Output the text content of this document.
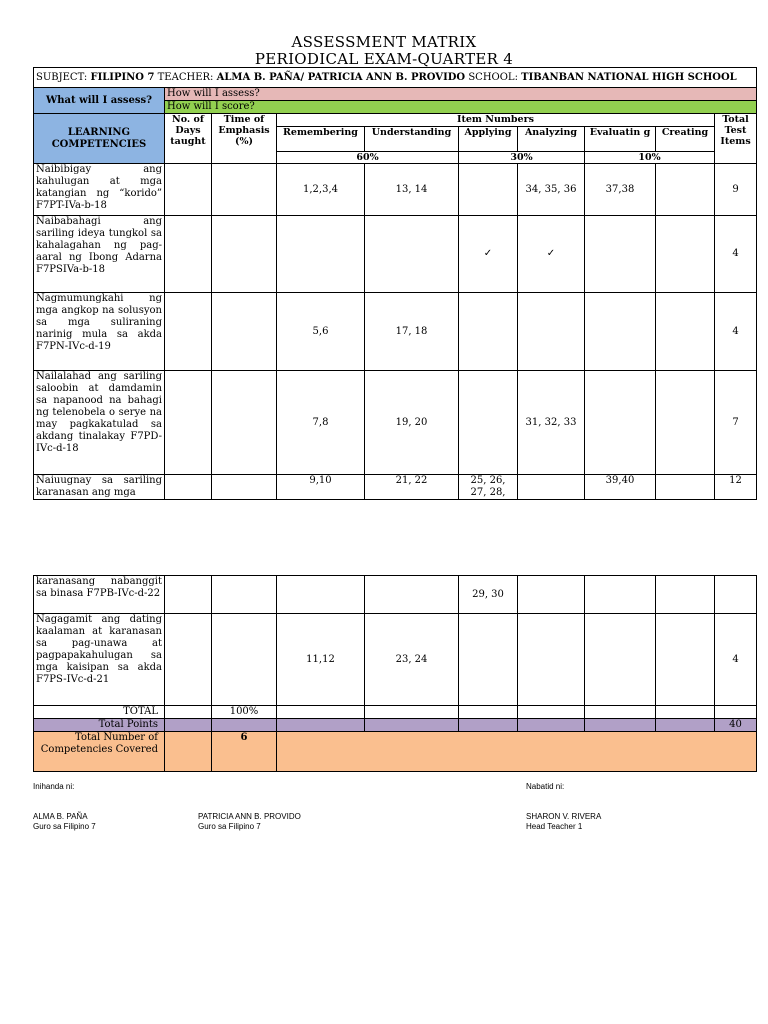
ASSESSMENT MATRIX
PERIODICAL EXAM-QUARTER 4
SUBJECT: FILIPINO 7 TEACHER: ALMA B. PAÑA/ PATRICIA ANN B. PROVIDO SCHOOL: TIBANBAN NATIONAL HIGH SCHOOL									
What will I assess?	How will I assess?								
	How will I score?								
LEARNING COMPETENCIES	No. of Days taught	Time of Emphasis (%)	Item Numbers						Total Test Items
			Remembering	Understanding	Applying	Analyzing	Evaluatin g	Creating	
			60%		30%		10%		
Naibibigay ang kahulugan at mga katangian ng “korido” F7PT-IVa-b-18			1,2,3,4	13, 14		34, 35, 36	37,38		9
Naibabahagi ang sariling ideya tungkol sa kahalagahan ng pag-aaral ng Ibong Adarna F7PSIVa-b-18					✓	✓			4
Nagmumungkahi ng mga angkop na solusyon sa mga suliraning narinig mula sa akda F7PN-IVc-d-19			5,6	17, 18					4
Nailalahad ang sariling saloobin at damdamin sa napanood na bahagi ng telenobela o serye na may pagkakatulad sa akdang tinalakay F7PD-IVc-d-18			7,8	19, 20		31, 32, 33			7
Naiuugnay sa sariling karanasan ang mga			9,10	21, 22	25, 26, 27, 28,		39,40		12
karanasang nabanggit sa binasa F7PB-IVc-d-22					29, 30				
Nagagamit ang dating kaalaman at karanasan sa pag-unawa at pagpapakahulugan sa mga kaisipan sa akda F7PS-IVc-d-21			11,12	23, 24					4
TOTAL		100%							
Total Points									40
Total Number of Competencies Covered		6							
Inihanda ni:	Nabatid ni:
ALMA B. PAÑA
Guro sa Filipino 7
PATRICIA ANN B. PROVIDO
Guro sa Filipino 7
SHARON V. RIVERA
Head Teacher 1
